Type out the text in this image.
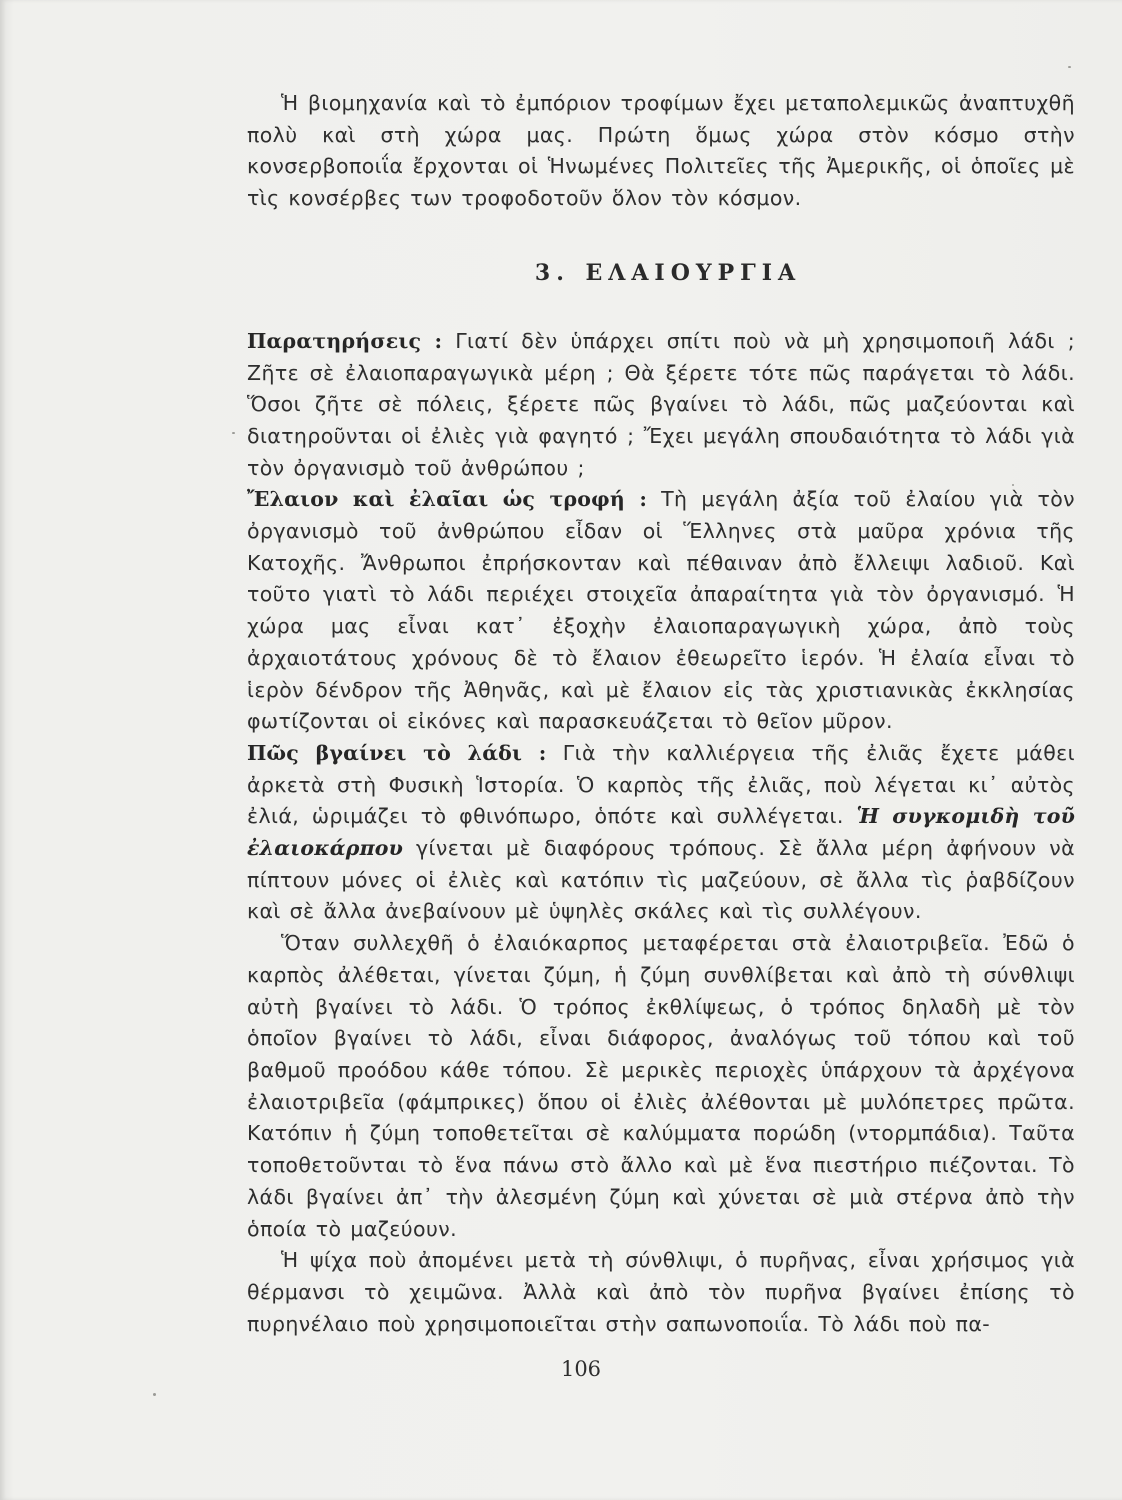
Ἡ βιομηχανία καὶ τὸ ἐμπόριον τροφίμων ἔχει μεταπολεμικῶς ἀναπτυχθῆ πολὺ καὶ στὴ χώρα μας. Πρώτη ὅμως χώρα στὸν κόσμο στὴν κονσερβοποιΐα ἔρχονται οἱ Ἡνωμένες Πολιτεῖες τῆς Ἀμερικῆς, οἱ ὁποῖες μὲ τὶς κονσέρβες των τροφοδοτοῦν ὅλον τὸν κόσμον.

3. ΕΛΑΙΟΥΡΓΙΑ

Παρατηρήσεις : Γιατί δὲν ὑπάρχει σπίτι ποὺ νὰ μὴ χρησιμοποιῆ λάδι ; Ζῆτε σὲ ἐλαιοπαραγωγικὰ μέρη ; Θὰ ξέρετε τότε πῶς παράγεται τὸ λάδι. Ὅσοι ζῆτε σὲ πόλεις, ξέρετε πῶς βγαίνει τὸ λάδι, πῶς μαζεύονται καὶ διατηροῦνται οἱ ἐλιὲς γιὰ φαγητό ; Ἔχει μεγάλη σπουδαιότητα τὸ λάδι γιὰ τὸν ὀργανισμὸ τοῦ ἀνθρώπου ;

Ἔλαιον καὶ ἐλαῖαι ὡς τροφή : Τὴ μεγάλη ἀξία τοῦ ἐλαίου γιὰ τὸν ὀργανισμὸ τοῦ ἀνθρώπου εἶδαν οἱ Ἕλληνες στὰ μαῦρα χρόνια τῆς Κατοχῆς. Ἄνθρωποι ἐπρήσκονταν καὶ πέθαιναν ἀπὸ ἔλλειψι λαδιοῦ. Καὶ τοῦτο γιατὶ τὸ λάδι περιέχει στοιχεῖα ἀπαραίτητα γιὰ τὸν ὀργανισμό. Ἡ χώρα μας εἶναι κατ᾽ ἐξοχὴν ἐλαιοπαραγωγικὴ χώρα, ἀπὸ τοὺς ἀρχαιοτάτους χρόνους δὲ τὸ ἔλαιον ἐθεωρεῖτο ἱερόν. Ἡ ἐλαία εἶναι τὸ ἱερὸν δένδρον τῆς Ἀθηνᾶς, καὶ μὲ ἔλαιον εἰς τὰς χριστιανικὰς ἐκκλησίας φωτίζονται οἱ εἰκόνες καὶ παρασκευάζεται τὸ θεῖον μῦρον.

Πῶς βγαίνει τὸ λάδι : Γιὰ τὴν καλλιέργεια τῆς ἐλιᾶς ἔχετε μάθει ἀρκετὰ στὴ Φυσικὴ Ἱστορία. Ὁ καρπὸς τῆς ἐλιᾶς, ποὺ λέγεται κι᾽ αὐτὸς ἐλιά, ὡριμάζει τὸ φθινόπωρο, ὁπότε καὶ συλλέγεται. Ἡ συγκομιδὴ τοῦ ἐλαιοκάρπου γίνεται μὲ διαφόρους τρόπους. Σὲ ἄλλα μέρη ἀφήνουν νὰ πίπτουν μόνες οἱ ἐλιὲς καὶ κατόπιν τὶς μαζεύουν, σὲ ἄλλα τὶς ῥαβδίζουν καὶ σὲ ἄλλα ἀνεβαίνουν μὲ ὑψηλὲς σκάλες καὶ τὶς συλλέγουν.

Ὅταν συλλεχθῆ ὁ ἐλαιόκαρπος μεταφέρεται στὰ ἐλαιοτριβεῖα. Ἐδῶ ὁ καρπὸς ἀλέθεται, γίνεται ζύμη, ἡ ζύμη συνθλίβεται καὶ ἀπὸ τὴ σύνθλιψι αὐτὴ βγαίνει τὸ λάδι. Ὁ τρόπος ἐκθλίψεως, ὁ τρόπος δηλαδὴ μὲ τὸν ὁποῖον βγαίνει τὸ λάδι, εἶναι διάφορος, ἀναλόγως τοῦ τόπου καὶ τοῦ βαθμοῦ προόδου κάθε τόπου. Σὲ μερικὲς περιοχὲς ὑπάρχουν τὰ ἀρχέγονα ἐλαιοτριβεῖα (φάμπρικες) ὅπου οἱ ἐλιὲς ἀλέθονται μὲ μυλόπετρες πρῶτα. Κατόπιν ἡ ζύμη τοποθετεῖται σὲ καλύμματα πορώδη (ντορμπάδια). Ταῦτα τοποθετοῦνται τὸ ἕνα πάνω στὸ ἄλλο καὶ μὲ ἕνα πιεστήριο πιέζονται. Τὸ λάδι βγαίνει ἀπ᾽ τὴν ἀλεσμένη ζύμη καὶ χύνεται σὲ μιὰ στέρνα ἀπὸ τὴν ὁποία τὸ μαζεύουν.

Ἡ ψίχα ποὺ ἀπομένει μετὰ τὴ σύνθλιψι, ὁ πυρῆνας, εἶναι χρήσιμος γιὰ θέρμανσι τὸ χειμῶνα. Ἀλλὰ καὶ ἀπὸ τὸν πυρῆνα βγαίνει ἐπίσης τὸ πυρηνέλαιο ποὺ χρησιμοποιεῖται στὴν σαπωνοποιΐα. Τὸ λάδι ποὺ πα-

106
